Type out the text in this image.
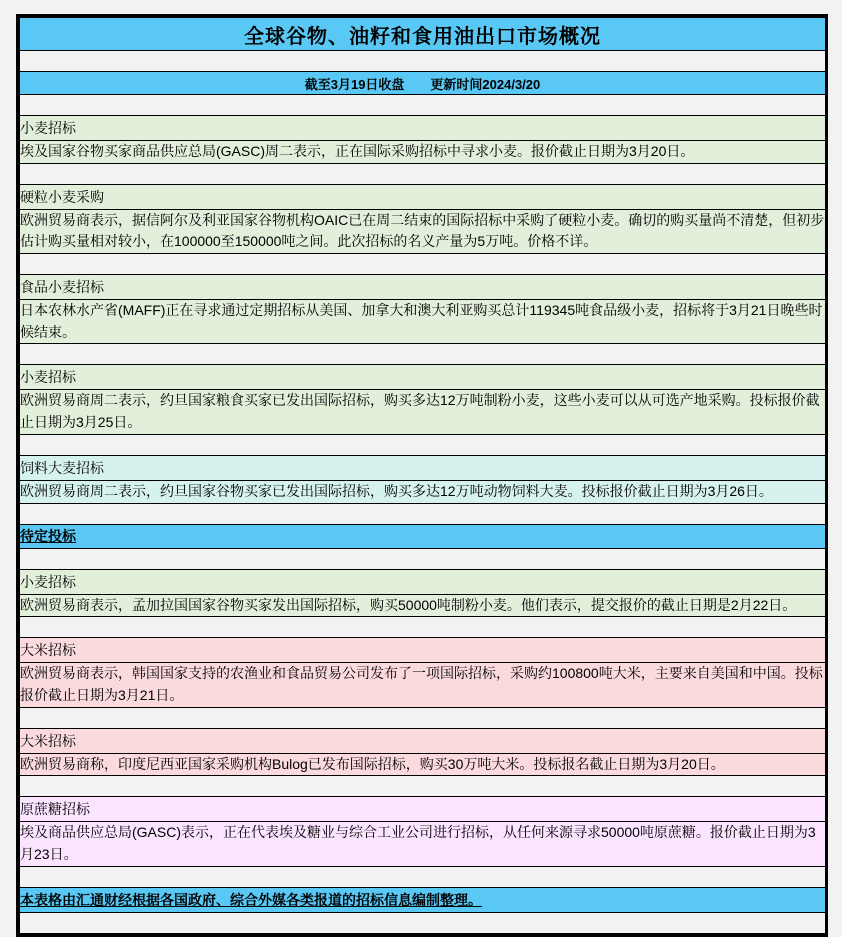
全球谷物、油籽和食用油出口市场概况

截至3月19日收盘　　更新时间2024/3/20

小麦招标
埃及国家谷物买家商品供应总局(GASC)周二表示，正在国际采购招标中寻求小麦。报价截止日期为3月20日。

硬粒小麦采购
欧洲贸易商表示，据信阿尔及利亚国家谷物机构OAIC已在周二结束的国际招标中采购了硬粒小麦。确切的购买量尚不清楚，但初步估计购买量相对较小，在100000至150000吨之间。此次招标的名义产量为5万吨。价格不详。

食品小麦招标
日本农林水产省(MAFF)正在寻求通过定期招标从美国、加拿大和澳大利亚购买总计119345吨食品级小麦，招标将于3月21日晚些时候结束。

小麦招标
欧洲贸易商周二表示，约旦国家粮食买家已发出国际招标，购买多达12万吨制粉小麦，这些小麦可以从可选产地采购。投标报价截止日期为3月25日。

饲料大麦招标
欧洲贸易商周二表示，约旦国家谷物买家已发出国际招标，购买多达12万吨动物饲料大麦。投标报价截止日期为3月26日。

待定投标

小麦招标
欧洲贸易商表示，孟加拉国国家谷物买家发出国际招标，购买50000吨制粉小麦。他们表示，提交报价的截止日期是2月22日。

大米招标
欧洲贸易商表示，韩国国家支持的农渔业和食品贸易公司发布了一项国际招标，采购约100800吨大米，主要来自美国和中国。投标报价截止日期为3月21日。

大米招标
欧洲贸易商称，印度尼西亚国家采购机构Bulog已发布国际招标，购买30万吨大米。投标报名截止日期为3月20日。

原蔗糖招标
埃及商品供应总局(GASC)表示，正在代表埃及糖业与综合工业公司进行招标，从任何来源寻求50000吨原蔗糖。报价截止日期为3月23日。

本表格由汇通财经根据各国政府、综合外媒各类报道的招标信息编制整理。
